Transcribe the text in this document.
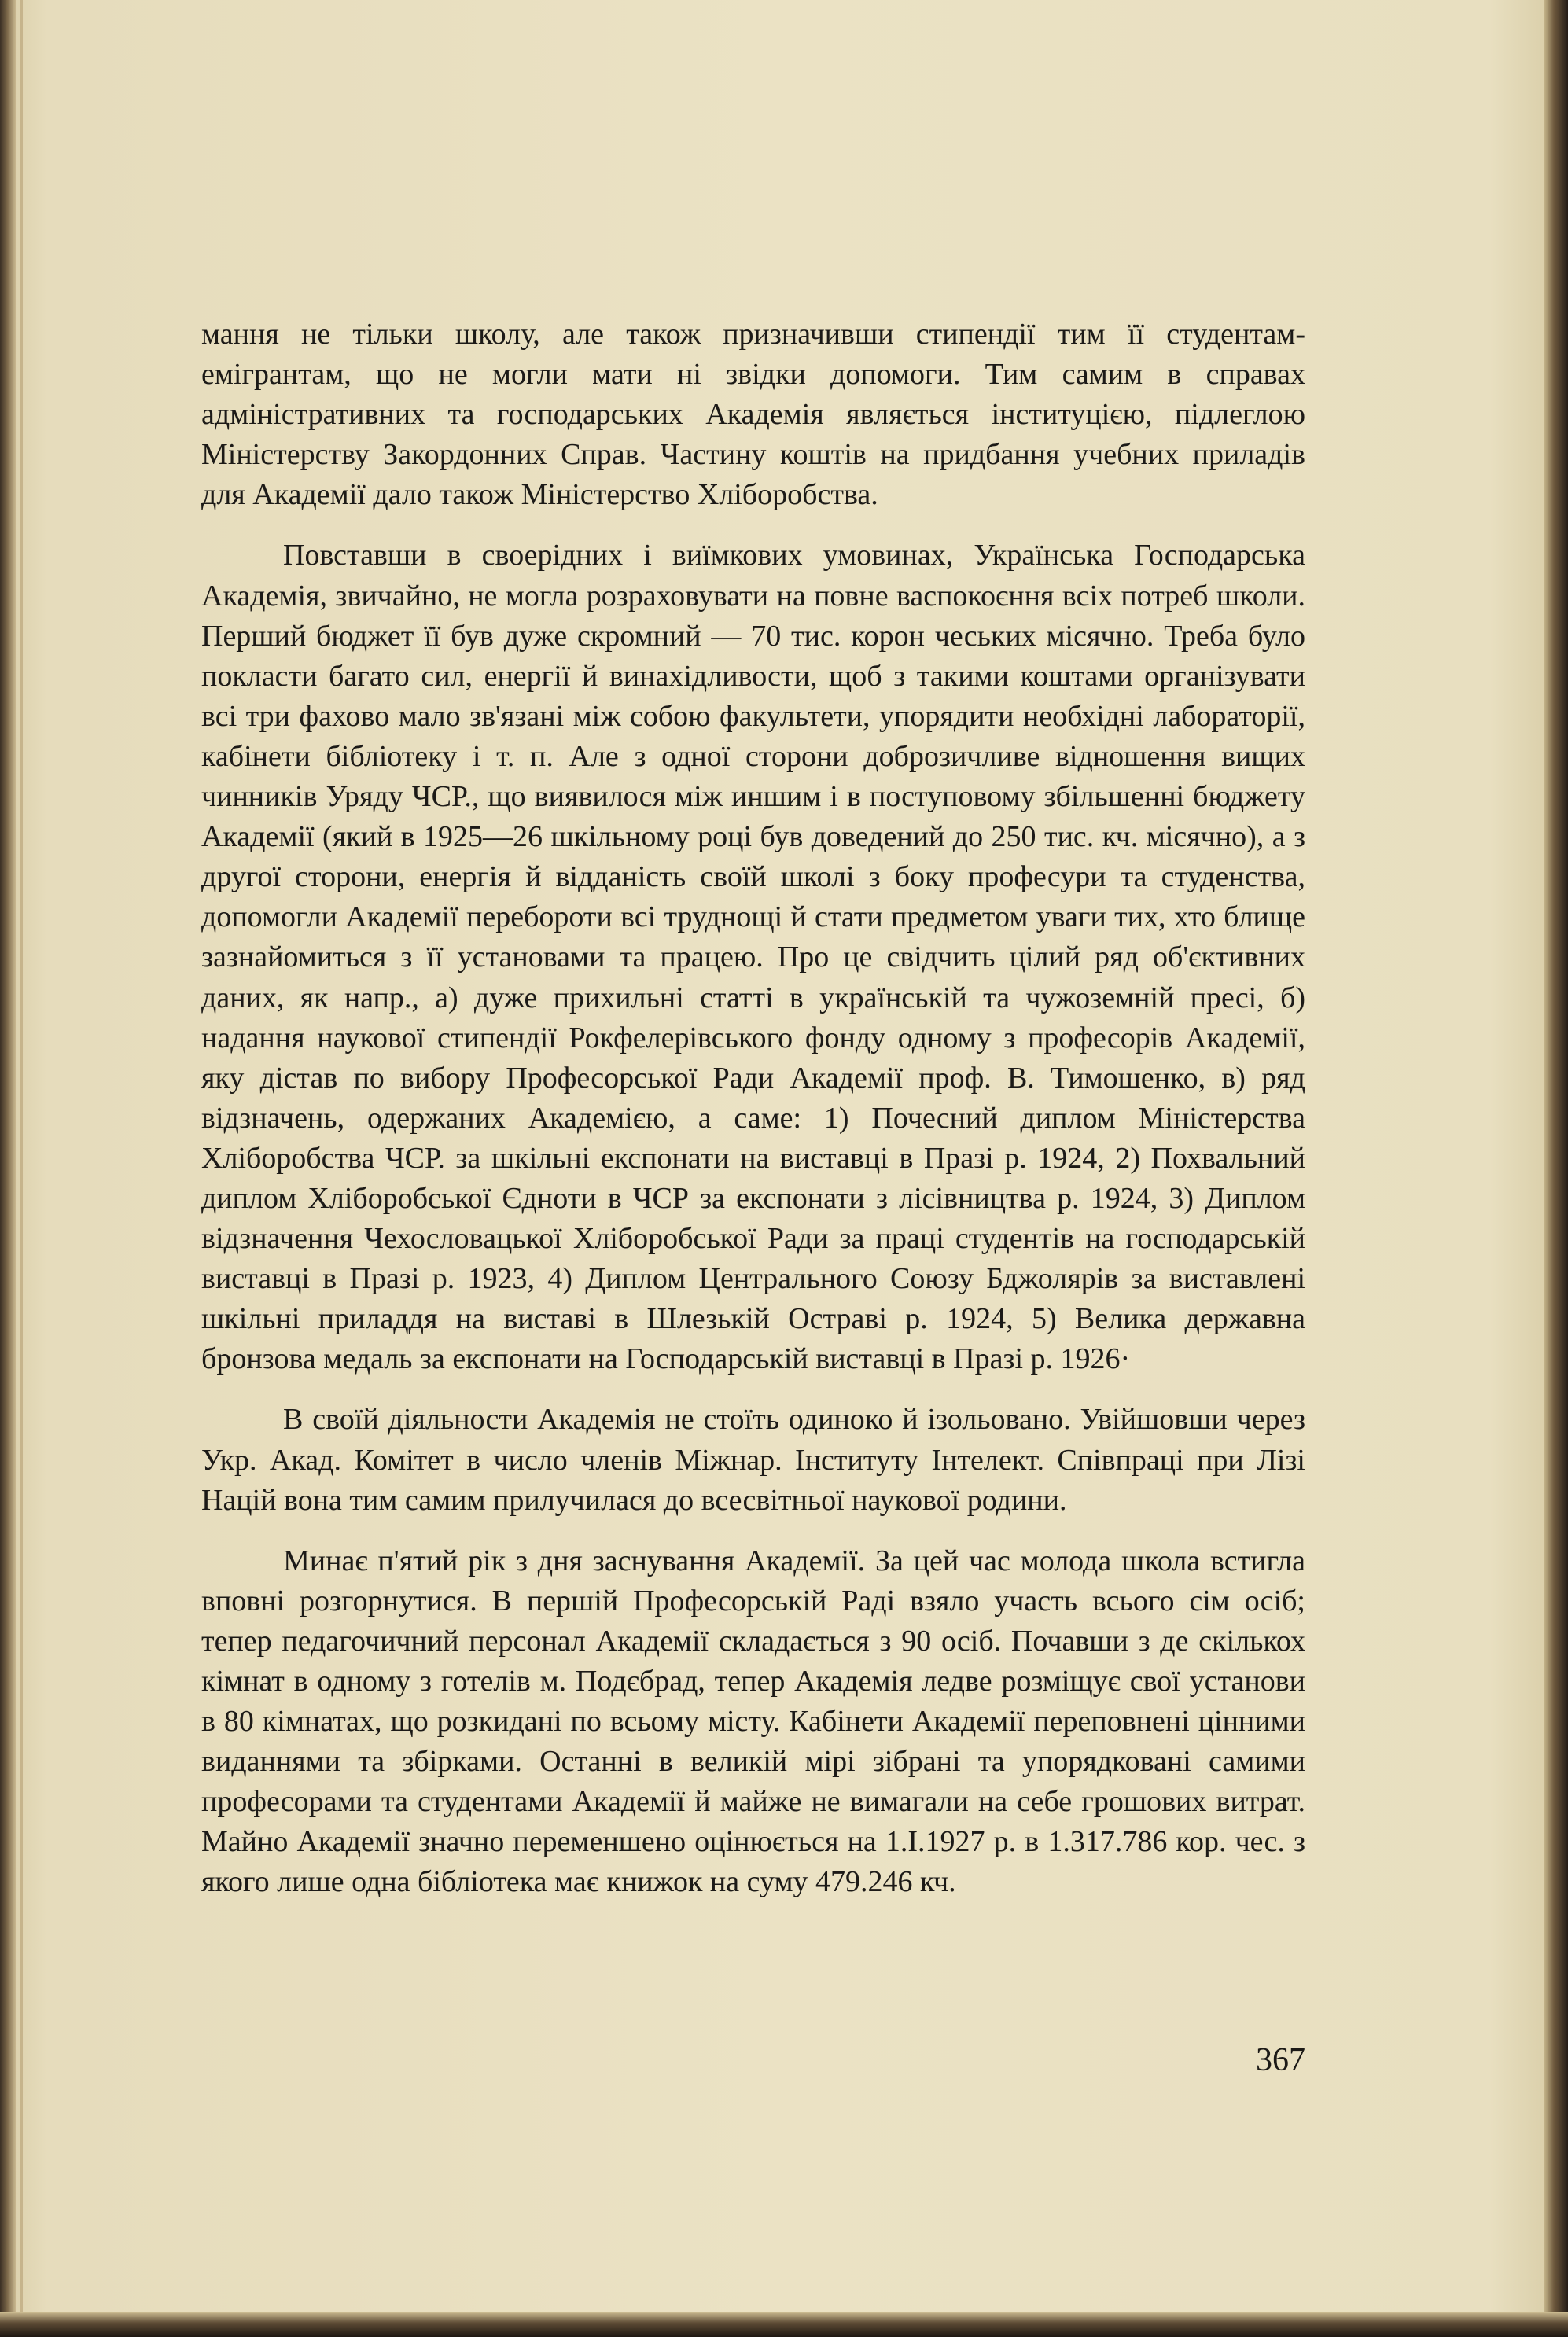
мання не тільки школу, але також призначивши стипендії тим її студентам-емігрантам, що не могли мати ні звідки допомоги. Тим самим в справах адміністративних та господарських Академія являється інституцією, підлеглою Міністерству Закордонних Справ. Частину коштів на придбання учебних приладів для Академії дало також Міністерство Хліборобства.

Повставши в своерідних і виїмкових умовинах, Українська Господарська Академія, звичайно, не могла розраховувати на повне васпокоєння всіх потреб школи. Перший бюджет її був дуже скромний — 70 тис. корон чеських місячно. Треба було покласти багато сил, енергії й винахідливости, щоб з такими коштами організувати всі три фахово мало зв'язані між собою факультети, упорядити необхідні лабораторії, кабінети бібліотеку і т. п. Але з одної сторони доброзичливе відношення вищих чинників Уряду ЧСР., що виявилося між иншим і в поступовому збільшенні бюджету Академії (який в 1925—26 шкільному році був доведений до 250 тис. кч. місячно), а з другої сторони, енергія й відданість своїй школі з боку професури та студенства, допомогли Академії перебороти всі труднощі й стати предметом уваги тих, хто блище зазнайомиться з її установами та працею. Про це свідчить цілий ряд об'єктивних даних, як напр., а) дуже прихильні статті в українській та чужоземній пресі, б) надання наукової стипендії Рокфелерівського фонду одному з професорів Академії, яку дістав по вибору Професорської Ради Академії проф. В. Тимошенко, в) ряд відзначень, одержаних Академією, а саме: 1) Почесний диплом Міністерства Хліборобства ЧСР. за шкільні експонати на виставці в Празі р. 1924, 2) Похвальний диплом Хліборобської Єдноти в ЧСР за експонати з лісівництва р. 1924, 3) Диплом відзначення Чехословацької Хліборобської Ради за праці студентів на господарській виставці в Празі р. 1923, 4) Диплом Центрального Союзу Бджолярів за виставлені шкільні приладдя на виставі в Шлезькій Остраві р. 1924, 5) Велика державна бронзова медаль за експонати на Господарській виставці в Празі р. 1926·

В своїй діяльности Академія не стоїть одиноко й ізольовано. Увійшовши через Укр. Акад. Комітет в число членів Міжнар. Інституту Інтелект. Співпраці при Лізі Націй вона тим самим прилучилася до всесвітньої наукової родини.

Минає п'ятий рік з дня заснування Академії. За цей час молода школа встигла вповні розгорнутися. В першій Професорській Раді взяло участь всього сім осіб; тепер педагочичний персонал Академії складається з 90 осіб. Почавши з де скількох кімнат в одному з готелів м. Подєбрад, тепер Академія ледве розміщує свої установи в 80 кімнатах, що розкидані по всьому місту. Кабінети Академії переповнені цінними виданнями та збірками. Останні в великій мірі зібрані та упорядковані самими професорами та студентами Академії й майже не вимагали на себе грошових витрат. Майно Академії значно переменшено оцінюється на 1.І.1927 р. в 1.317.786 кор. чес. з якого лише одна бібліотека має книжок на суму 479.246 кч.

367
